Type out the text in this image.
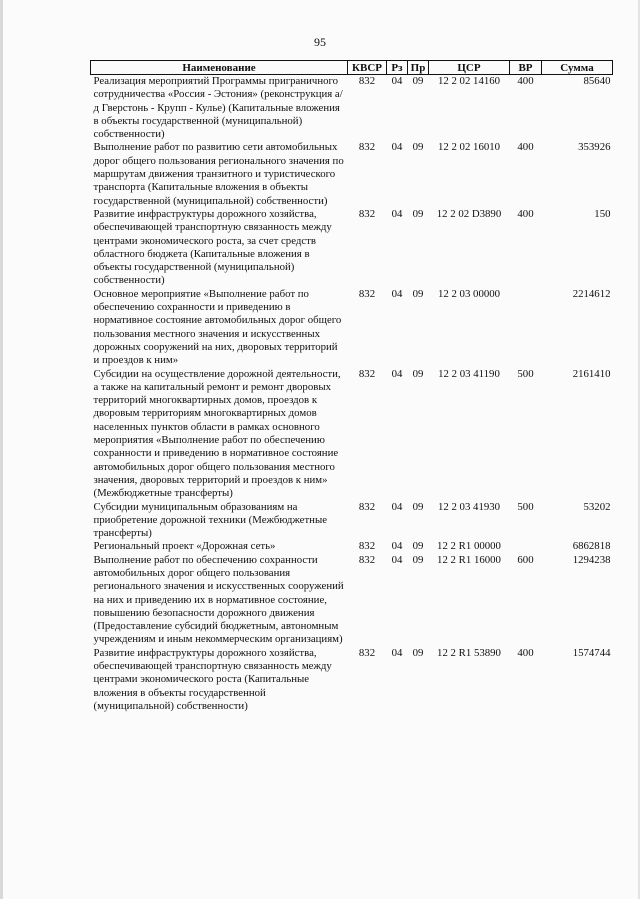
95
Наименование	КВСР	Рз	Пр	ЦСР	ВР	Сумма
Реализация мероприятий Программы приграничного сотрудничества «Россия - Эстония» (реконструкция а/д Гверстонь - Крупп - Кулье) (Капитальные вложения в объекты государственной (муниципальной) собственности)	832	04	09	12 2 02 14160	400	85640
Выполнение работ по развитию сети автомобильных дорог общего пользования регионального значения по маршрутам движения транзитного и туристического транспорта (Капитальные вложения в объекты государственной (муниципальной) собственности)	832	04	09	12 2 02 16010	400	353926
Развитие инфраструктуры дорожного хозяйства, обеспечивающей транспортную связанность между центрами экономического роста, за счет средств областного бюджета (Капитальные вложения в объекты государственной (муниципальной) собственности)	832	04	09	12 2 02 D3890	400	150
Основное мероприятие «Выполнение работ по обеспечению сохранности и приведению в нормативное состояние автомобильных дорог общего пользования местного значения и искусственных дорожных сооружений на них, дворовых территорий и проездов к ним»	832	04	09	12 2 03 00000		2214612
Субсидии на осуществление дорожной деятельности, а также на капитальный ремонт и ремонт дворовых территорий многоквартирных домов, проездов к дворовым территориям многоквартирных домов населенных пунктов области в рамках основного мероприятия «Выполнение работ по обеспечению сохранности и приведению в нормативное состояние автомобильных дорог общего пользования местного значения, дворовых территорий и проездов к ним» (Межбюджетные трансферты)	832	04	09	12 2 03 41190	500	2161410
Субсидии муниципальным образованиям на приобретение дорожной техники (Межбюджетные трансферты)	832	04	09	12 2 03 41930	500	53202
Региональный проект «Дорожная сеть»	832	04	09	12 2 R1 00000		6862818
Выполнение работ по обеспечению сохранности автомобильных дорог общего пользования регионального значения и искусственных сооружений на них и приведению их в нормативное состояние, повышению безопасности дорожного движения (Предоставление субсидий бюджетным, автономным учреждениям и иным некоммерческим организациям)	832	04	09	12 2 R1 16000	600	1294238
Развитие инфраструктуры дорожного хозяйства, обеспечивающей транспортную связанность между центрами экономического роста (Капитальные вложения в объекты государственной (муниципальной) собственности)	832	04	09	12 2 R1 53890	400	1574744
